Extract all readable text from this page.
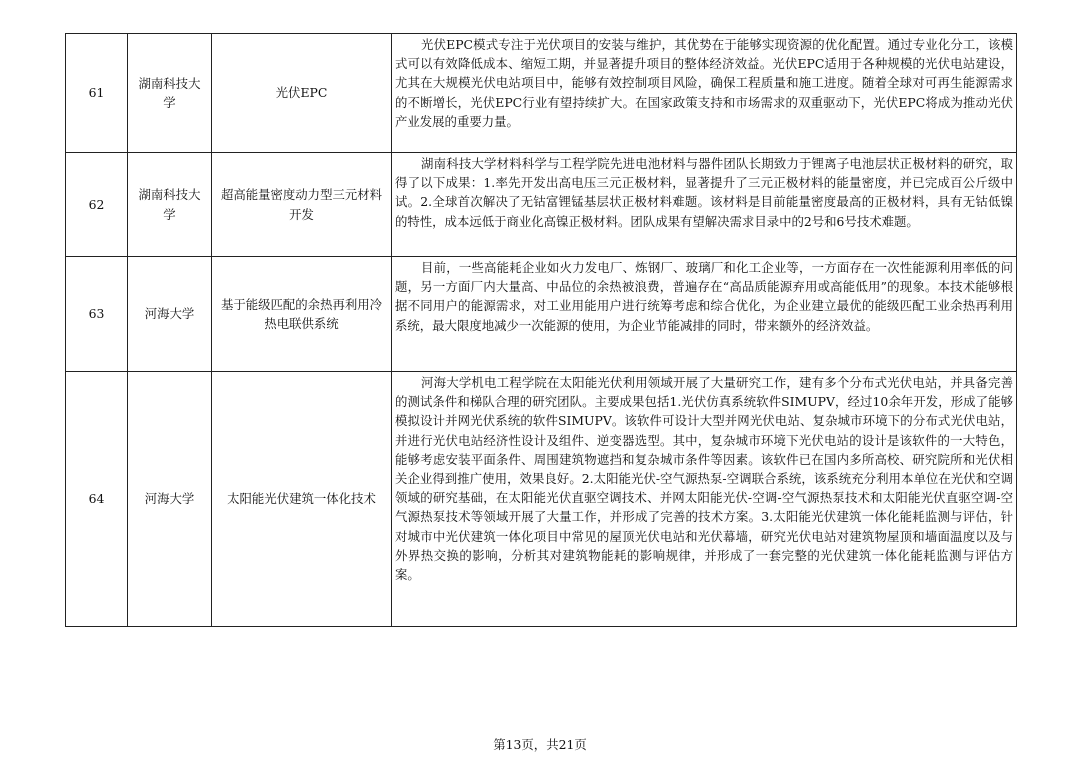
61	湖南科技大学	光伏EPC	光伏EPC模式专注于光伏项目的安装与维护，其优势在于能够实现资源的优化配置。通过专业化分工，该模式可以有效降低成本、缩短工期，并显著提升项目的整体经济效益。光伏EPC适用于各种规模的光伏电站建设，尤其在大规模光伏电站项目中，能够有效控制项目风险，确保工程质量和施工进度。随着全球对可再生能源需求的不断增长，光伏EPC行业有望持续扩大。在国家政策支持和市场需求的双重驱动下，光伏EPC将成为推动光伏产业发展的重要力量。
62	湖南科技大学	超高能量密度动力型三元材料开发	湖南科技大学材料科学与工程学院先进电池材料与器件团队长期致力于锂离子电池层状正极材料的研究，取得了以下成果：1.率先开发出高电压三元正极材料，显著提升了三元正极材料的能量密度，并已完成百公斤级中试。2.全球首次解决了无钴富锂锰基层状正极材料难题。该材料是目前能量密度最高的正极材料，具有无钴低镍的特性，成本远低于商业化高镍正极材料。团队成果有望解决需求目录中的2号和6号技术难题。
63	河海大学	基于能级匹配的余热再利用冷热电联供系统	目前，一些高能耗企业如火力发电厂、炼钢厂、玻璃厂和化工企业等，一方面存在一次性能源利用率低的问题，另一方面厂内大量高、中品位的余热被浪费，普遍存在“高品质能源弃用或高能低用”的现象。本技术能够根据不同用户的能源需求，对工业用能用户进行统筹考虑和综合优化，为企业建立最优的能级匹配工业余热再利用系统，最大限度地减少一次能源的使用，为企业节能减排的同时，带来额外的经济效益。
64	河海大学	太阳能光伏建筑一体化技术	河海大学机电工程学院在太阳能光伏利用领域开展了大量研究工作，建有多个分布式光伏电站，并具备完善的测试条件和梯队合理的研究团队。主要成果包括1.光伏仿真系统软件SIMUPV，经过10余年开发，形成了能够模拟设计并网光伏系统的软件SIMUPV。该软件可设计大型并网光伏电站、复杂城市环境下的分布式光伏电站，并进行光伏电站经济性设计及组件、逆变器选型。其中，复杂城市环境下光伏电站的设计是该软件的一大特色，能够考虑安装平面条件、周围建筑物遮挡和复杂城市条件等因素。该软件已在国内多所高校、研究院所和光伏相关企业得到推广使用，效果良好。2.太阳能光伏-空气源热泵-空调联合系统，该系统充分利用本单位在光伏和空调领域的研究基础，在太阳能光伏直驱空调技术、并网太阳能光伏-空调-空气源热泵技术和太阳能光伏直驱空调-空气源热泵技术等领域开展了大量工作，并形成了完善的技术方案。3.太阳能光伏建筑一体化能耗监测与评估，针对城市中光伏建筑一体化项目中常见的屋顶光伏电站和光伏幕墙，研究光伏电站对建筑物屋顶和墙面温度以及与外界热交换的影响，分析其对建筑物能耗的影响规律，并形成了一套完整的光伏建筑一体化能耗监测与评估方案。
第13页，共21页
